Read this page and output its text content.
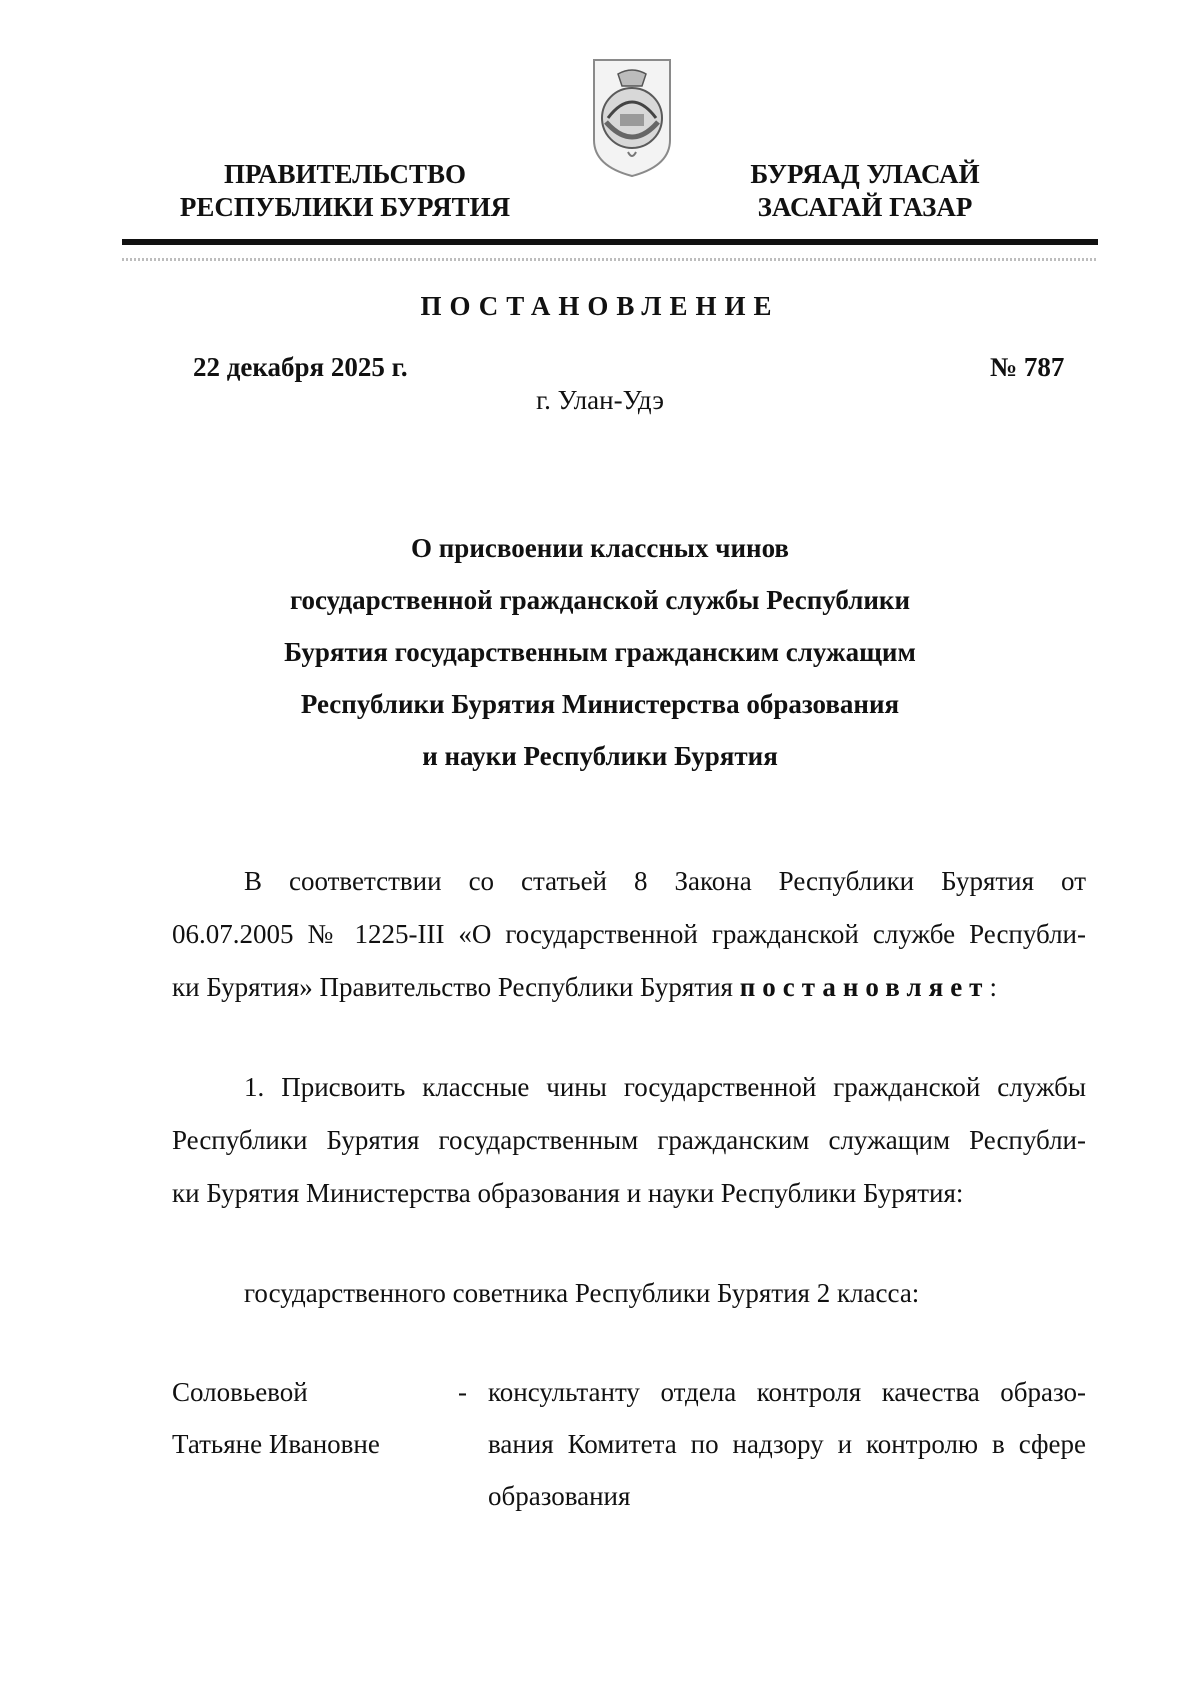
ПРАВИТЕЛЬСТВО
РЕСПУБЛИКИ БУРЯТИЯ
БУРЯАД УЛАСАЙ
ЗАСАГАЙ ГАЗАР
ПОСТАНОВЛЕНИЕ
22 декабря 2025 г.	№ 787
г. Улан-Удэ
О присвоении классных чинов
государственной гражданской службы Республики
Бурятия государственным гражданским служащим
Республики Бурятия Министерства образования
и науки Республики Бурятия
В соответствии со статьей 8 Закона Республики Бурятия от
06.07.2005 № 1225-III «О государственной гражданской службе Республи-
ки Бурятия» Правительство Республики Бурятия постановляет:
1. Присвоить классные чины государственной гражданской службы
Республики Бурятия государственным гражданским служащим Республи-
ки Бурятия Министерства образования и науки Республики Бурятия:
государственного советника Республики Бурятия 2 класса:
Соловьевой
Татьяне Ивановне
- консультанту отдела контроля качества образо-
вания Комитета по надзору и контролю в сфере
образования
